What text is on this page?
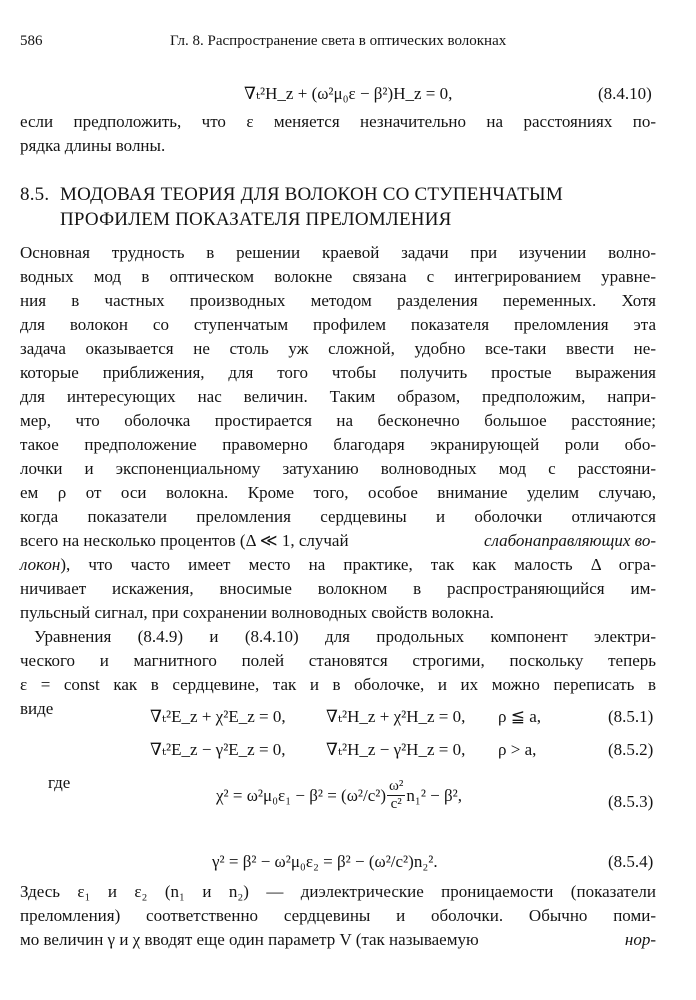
586	Гл. 8. Распространение света в оптических волокнах
∇ₜ²H_z + (ω²μ₀ε − β²)H_z = 0,	(8.4.10)
если предположить, что ε меняется незначительно на расстояниях по-
рядка длины волны.
8.5. МОДОВАЯ ТЕОРИЯ ДЛЯ ВОЛОКОН СО СТУПЕНЧАТЫМ
ПРОФИЛЕМ ПОКАЗАТЕЛЯ ПРЕЛОМЛЕНИЯ
Основная трудность в решении краевой задачи при изучении волно-
водных мод в оптическом волокне связана с интегрированием уравне-
ния в частных производных методом разделения переменных. Хотя
для волокон со ступенчатым профилем показателя преломления эта
задача оказывается не столь уж сложной, удобно все-таки ввести не-
которые приближения, для того чтобы получить простые выражения
для интересующих нас величин. Таким образом, предположим, напри-
мер, что оболочка простирается на бесконечно большое расстояние;
такое предположение правомерно благодаря экранирующей роли обо-
лочки и экспоненциальному затуханию волноводных мод с расстояни-
ем ρ от оси волокна. Кроме того, особое внимание уделим случаю,
когда показатели преломления сердцевины и оболочки отличаются
всего на несколько процентов (Δ ≪ 1, случай	слабонаправляющих во-
локон ), что часто имеет место на практике, так как малость Δ огра-
ничивает искажения, вносимые волокном в распространяющийся им-
пульсный сигнал, при сохранении волноводных свойств волокна.
Уравнения (8.4.9) и (8.4.10) для продольных компонент электри-
ческого и магнитного полей становятся строгими, поскольку теперь
ε = const как в сердцевине, так и в оболочке, и их можно переписать в
виде	∇ₜ²E_z + χ²E_z = 0, ∇ₜ²H_z + χ²H_z = 0, ρ ≦ a,	(8.5.1)
∇ₜ²E_z − γ²E_z = 0, ∇ₜ²H_z − γ²H_z = 0, ρ > a,	(8.5.2)
где
$\chi^2 = \omega^2\mu_0\varepsilon_1 - \beta^2 = (\omega^2/c^2) \frac{\text{ω²}}{\text{c²}} n_1^2 - \beta^2$,	(8.5.3)
γ² = β² − ω²μ₀ε₂ = β² − (ω²/c²)n₂².	(8.5.4)
Здесь ε₁ и ε₂ (n₁ и n₂) — диэлектрические проницаемости (показатели
преломления) соответственно сердцевины и оболочки. Обычно поми-
мо величин γ и χ вводят еще один параметр V (так называемую	нор-
